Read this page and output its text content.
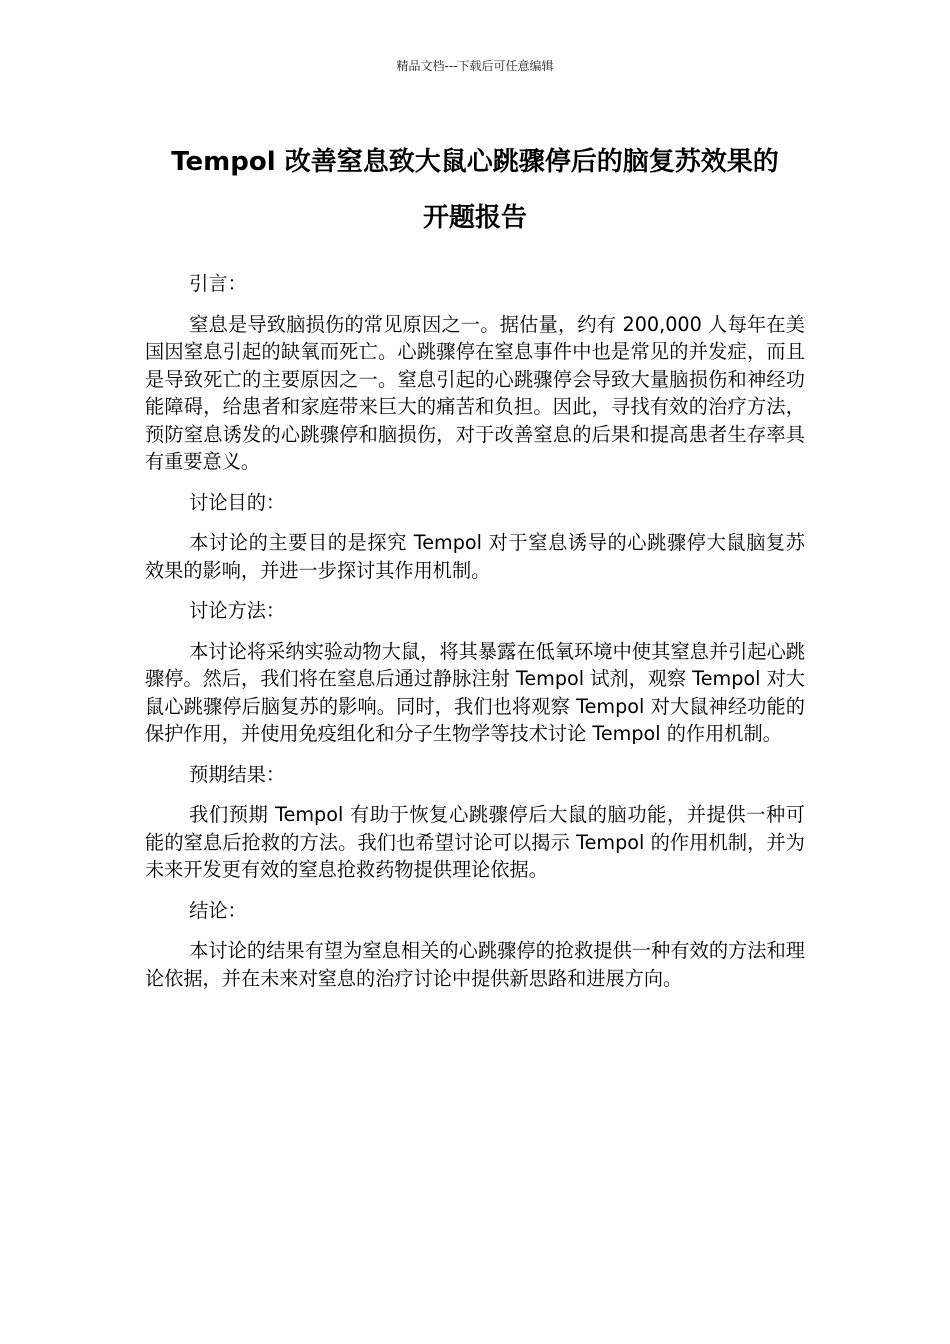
精品文档---下载后可任意编辑
Tempol 改善窒息致大鼠心跳骤停后的脑复苏效果的
开题报告

引言：

窒息是导致脑损伤的常见原因之一。据估量，约有 200,000 人每年在美国因窒息引起的缺氧而死亡。心跳骤停在窒息事件中也是常见的并发症，而且是导致死亡的主要原因之一。窒息引起的心跳骤停会导致大量脑损伤和神经功能障碍，给患者和家庭带来巨大的痛苦和负担。因此，寻找有效的治疗方法，预防窒息诱发的心跳骤停和脑损伤，对于改善窒息的后果和提高患者生存率具有重要意义。

讨论目的：

本讨论的主要目的是探究 Tempol 对于窒息诱导的心跳骤停大鼠脑复苏效果的影响，并进一步探讨其作用机制。

讨论方法：

本讨论将采纳实验动物大鼠，将其暴露在低氧环境中使其窒息并引起心跳骤停。然后，我们将在窒息后通过静脉注射 Tempol 试剂，观察 Tempol 对大鼠心跳骤停后脑复苏的影响。同时，我们也将观察 Tempol 对大鼠神经功能的保护作用，并使用免疫组化和分子生物学等技术讨论 Tempol 的作用机制。

预期结果：

我们预期 Tempol 有助于恢复心跳骤停后大鼠的脑功能，并提供一种可能的窒息后抢救的方法。我们也希望讨论可以揭示 Tempol 的作用机制，并为未来开发更有效的窒息抢救药物提供理论依据。

结论：

本讨论的结果有望为窒息相关的心跳骤停的抢救提供一种有效的方法和理论依据，并在未来对窒息的治疗讨论中提供新思路和进展方向。
